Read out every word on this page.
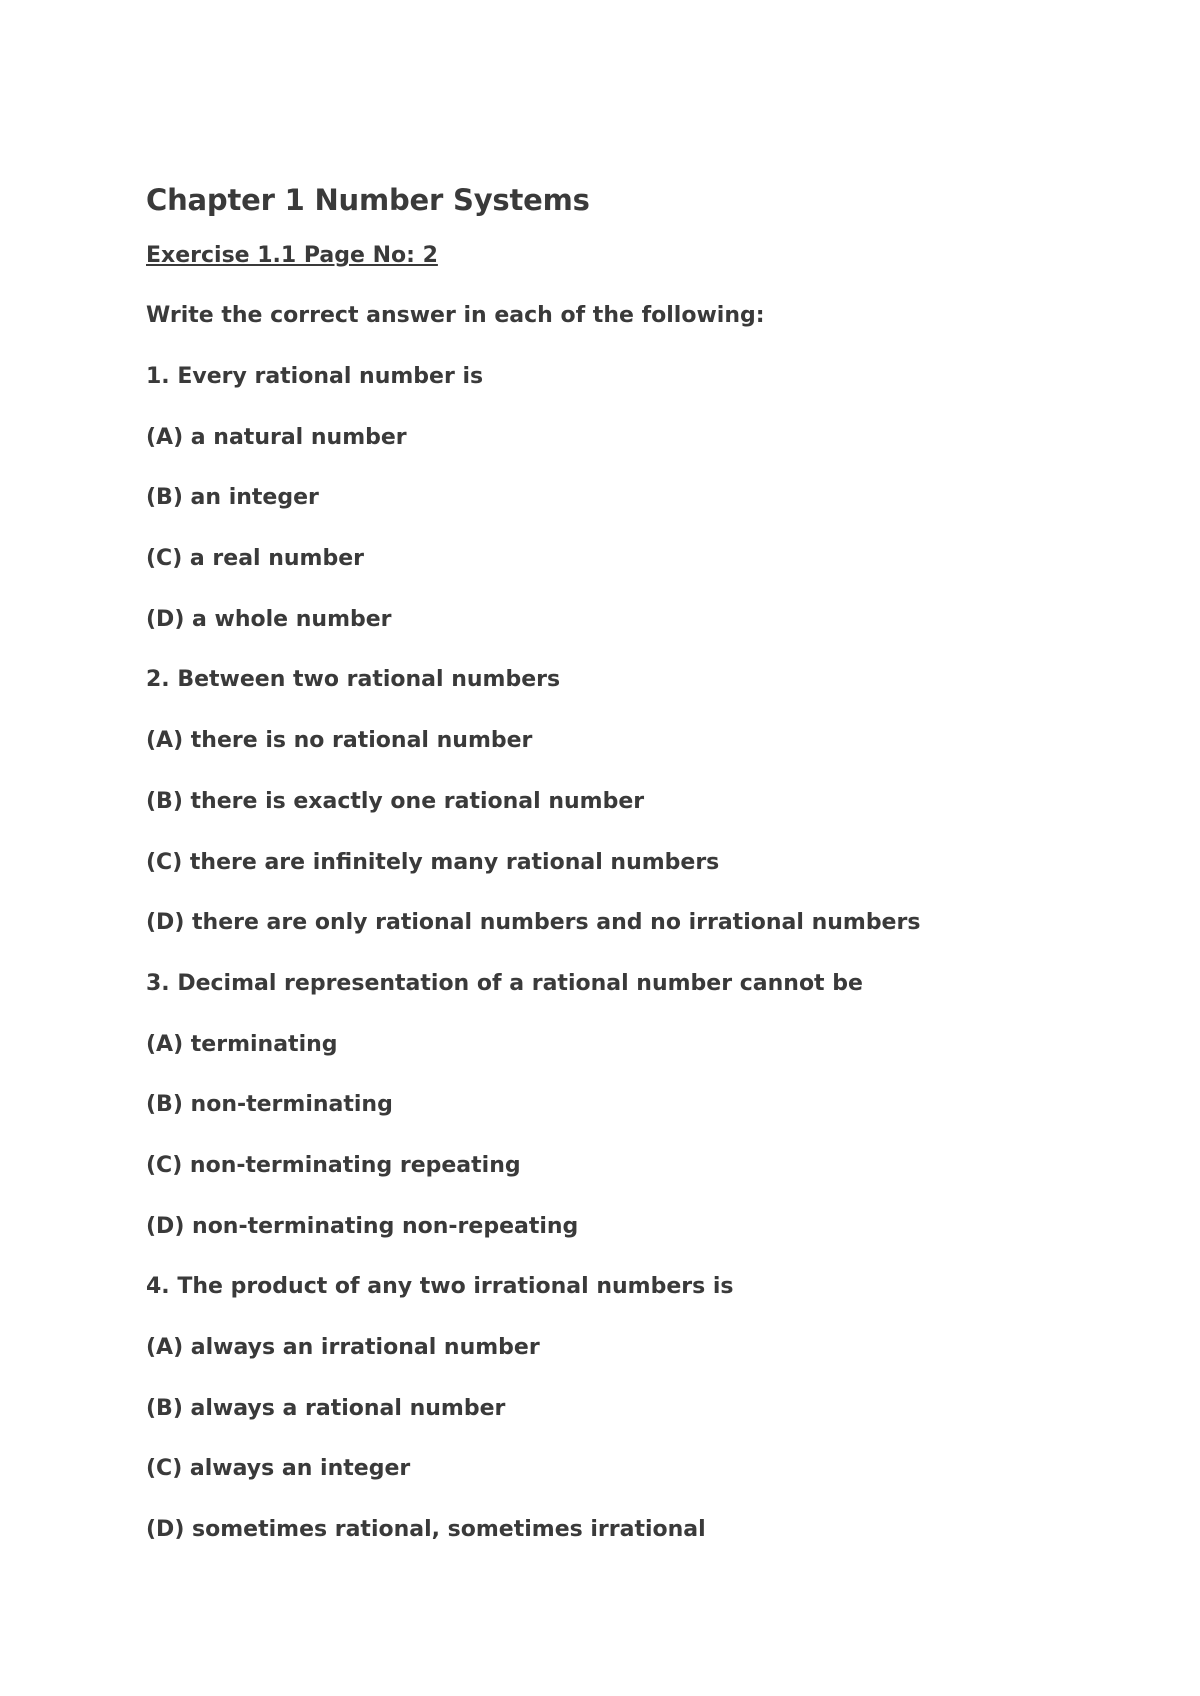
Chapter 1 Number Systems

Exercise 1.1 Page No: 2

Write the correct answer in each of the following:

1. Every rational number is
(A) a natural number
(B) an integer
(C) a real number
(D) a whole number
2. Between two rational numbers
(A) there is no rational number
(B) there is exactly one rational number
(C) there are infinitely many rational numbers
(D) there are only rational numbers and no irrational numbers
3. Decimal representation of a rational number cannot be
(A) terminating
(B) non-terminating
(C) non-terminating repeating
(D) non-terminating non-repeating
4. The product of any two irrational numbers is
(A) always an irrational number
(B) always a rational number
(C) always an integer
(D) sometimes rational, sometimes irrational
